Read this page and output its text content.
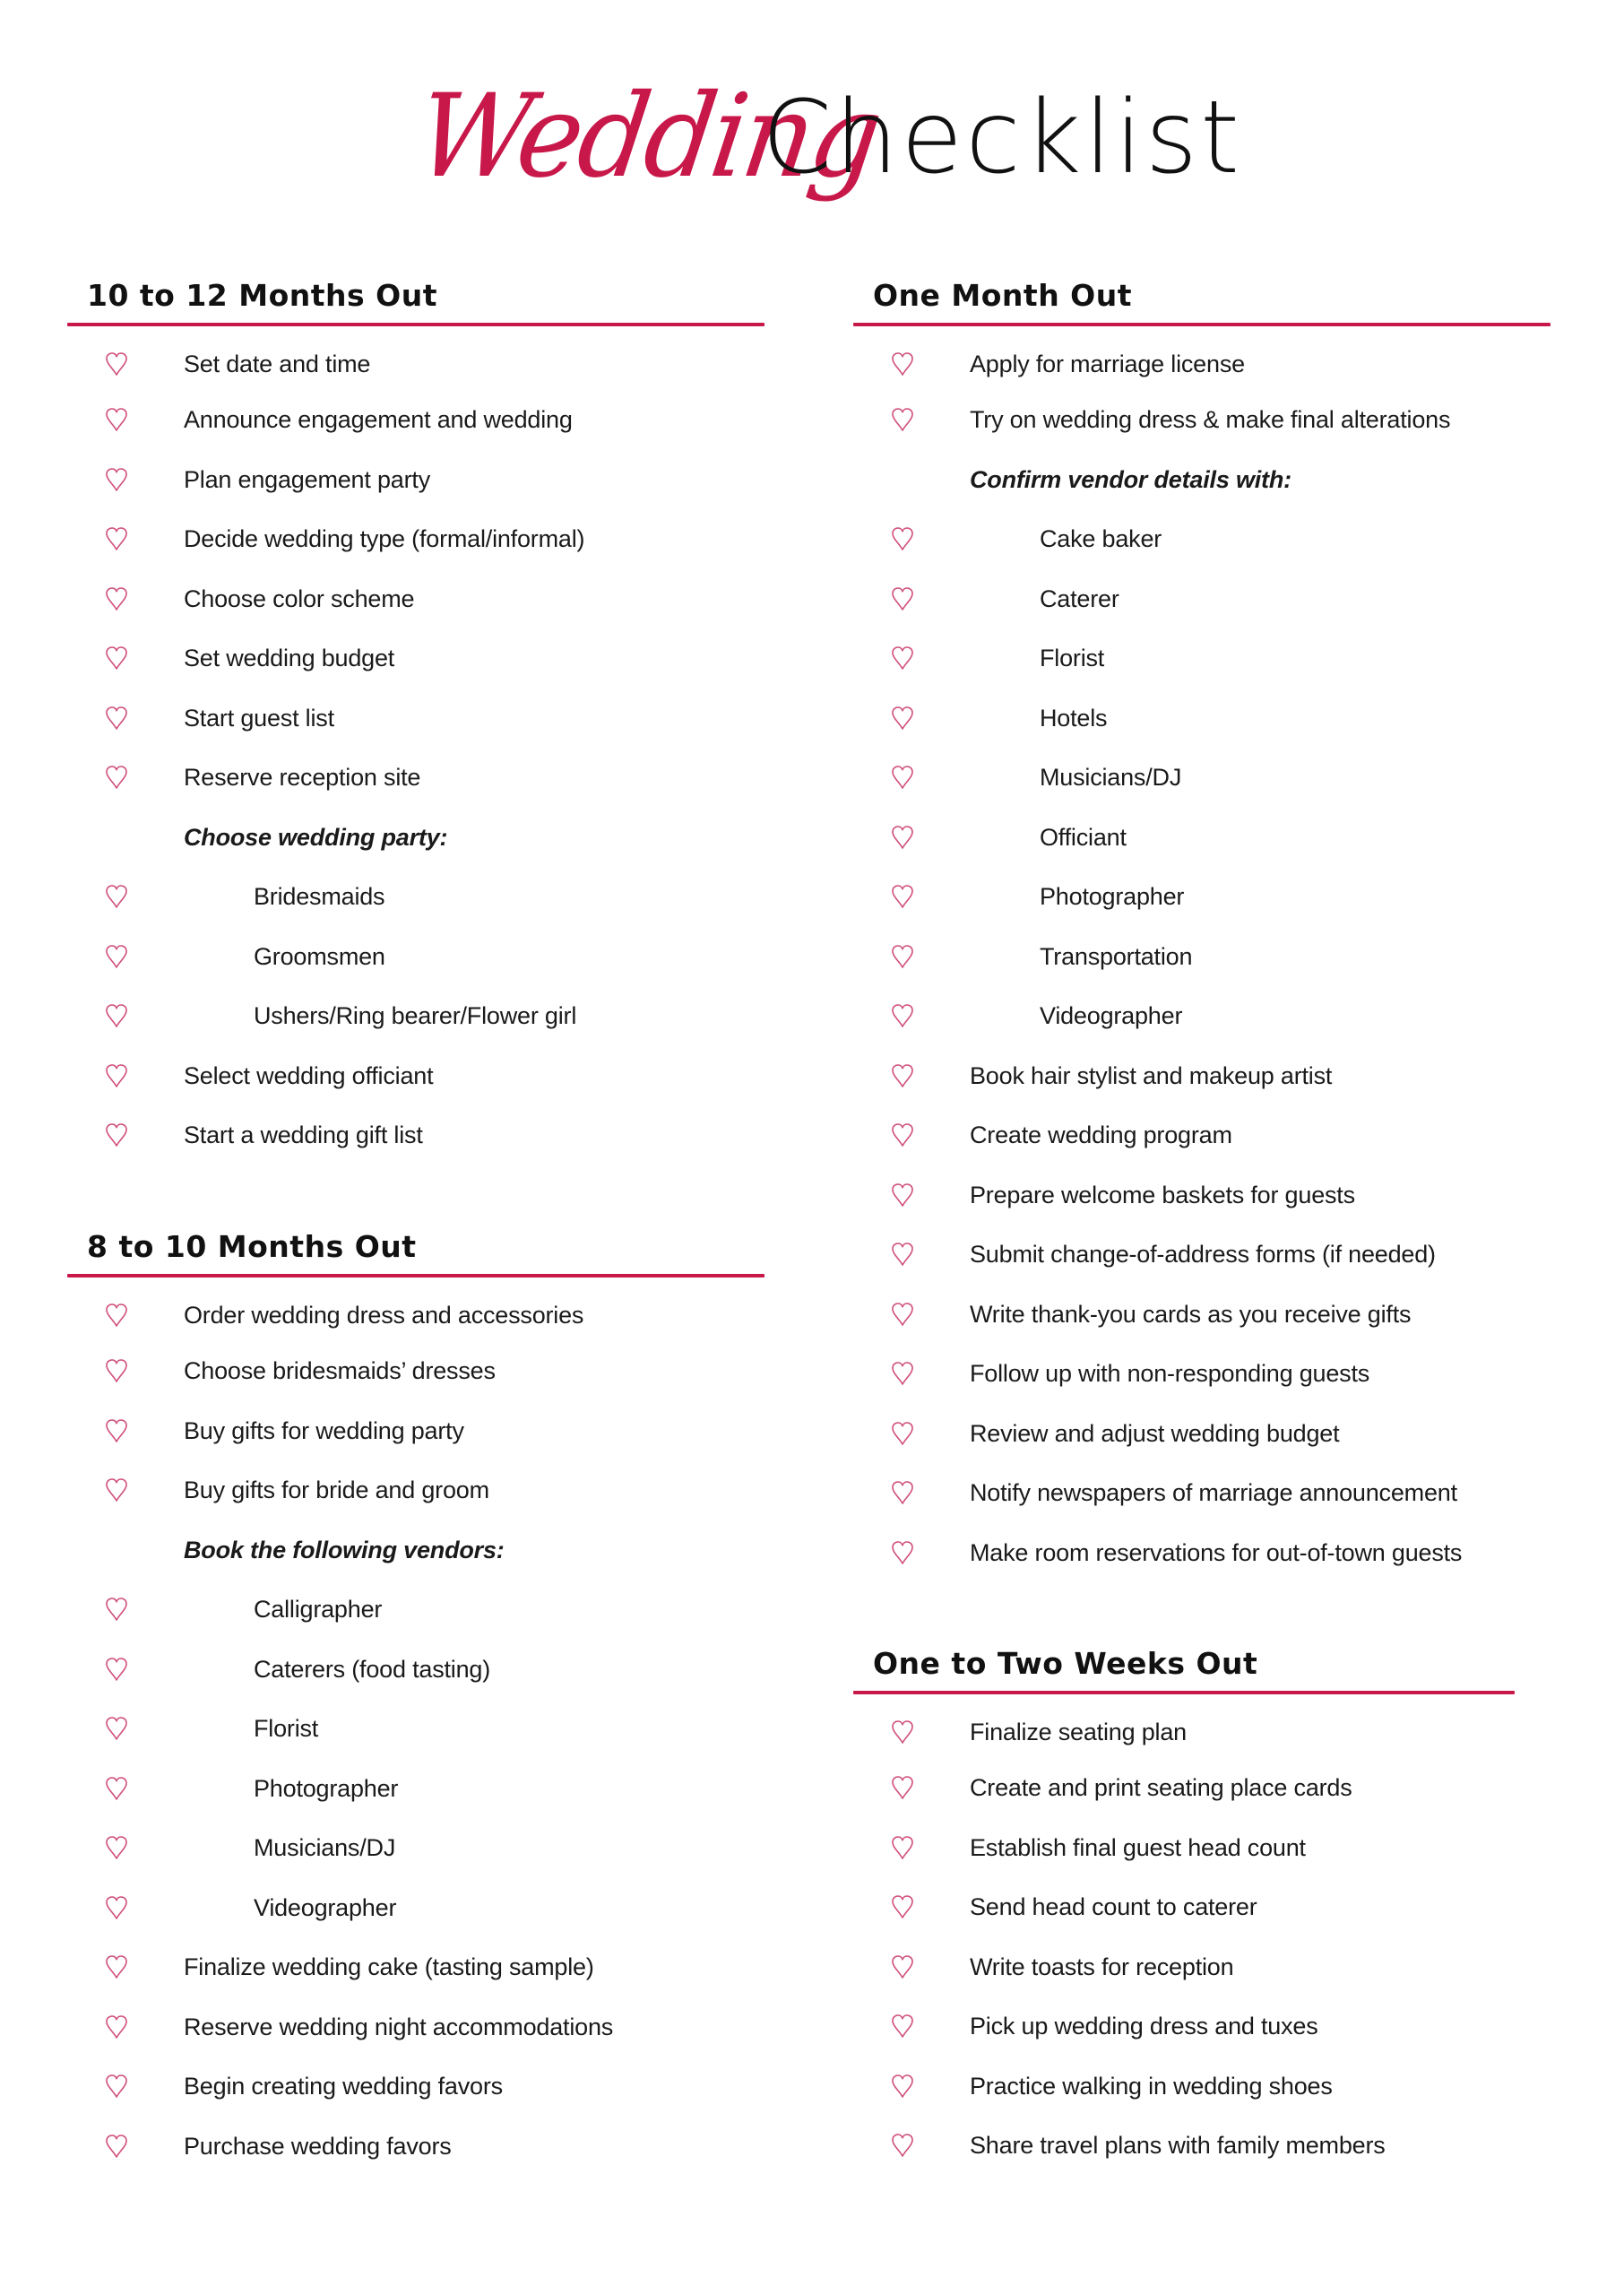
Wedding
Checklist
10 to 12 Months Out
Set date and time
Announce engagement and wedding
Plan engagement party
Decide wedding type (formal/informal)
Choose color scheme
Set wedding budget
Start guest list
Reserve reception site
Choose wedding party:
Bridesmaids
Groomsmen
Ushers/Ring bearer/Flower girl
Select wedding officiant
Start a wedding gift list
8 to 10 Months Out
Order wedding dress and accessories
Choose bridesmaids’ dresses
Buy gifts for wedding party
Buy gifts for bride and groom
Book the following vendors:
Calligrapher
Caterers (food tasting)
Florist
Photographer
Musicians/DJ
Videographer
Finalize wedding cake (tasting sample)
Reserve wedding night accommodations
Begin creating wedding favors
Purchase wedding favors
One Month Out
Apply for marriage license
Try on wedding dress & make final alterations
Confirm vendor details with:
Cake baker
Caterer
Florist
Hotels
Musicians/DJ
Officiant
Photographer
Transportation
Videographer
Book hair stylist and makeup artist
Create wedding program
Prepare welcome baskets for guests
Submit change-of-address forms (if needed)
Write thank-you cards as you receive gifts
Follow up with non-responding guests
Review and adjust wedding budget
Notify newspapers of marriage announcement
Make room reservations for out-of-town guests
One to Two Weeks Out
Finalize seating plan
Create and print seating place cards
Establish final guest head count
Send head count to caterer
Write toasts for reception
Pick up wedding dress and tuxes
Practice walking in wedding shoes
Share travel plans with family members
